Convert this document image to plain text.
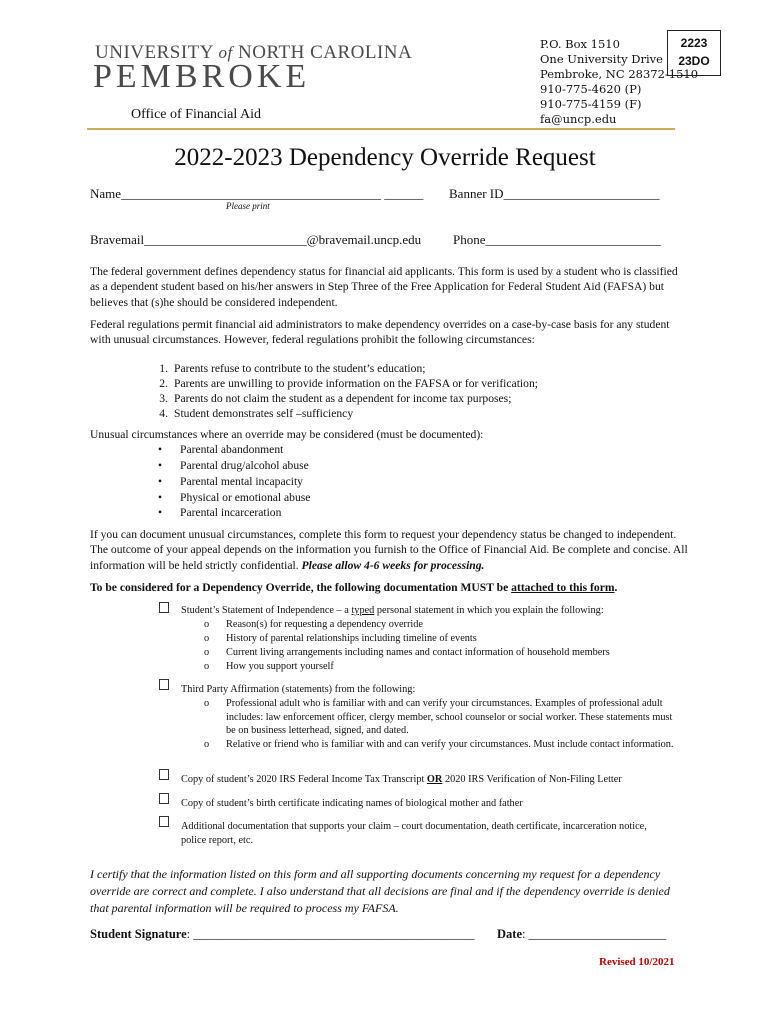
UNIVERSITY of NORTH CAROLINA
PEMBROKE
Office of Financial Aid
P.O. Box 1510
One University Drive
Pembroke, NC 28372-1510
910-775-4620 (P)
910-775-4159 (F)
fa@uncp.edu
2223
23DO
2022-2023 Dependency Override Request
Name________________________________________ ______ Banner ID________________________
Please print
Bravemail_________________________@bravemail.uncp.edu Phone___________________________
The federal government defines dependency status for financial aid applicants. This form is used by a student who is classified as a dependent student based on his/her answers in Step Three of the Free Application for Federal Student Aid (FAFSA) but believes that (s)he should be considered independent.
Federal regulations permit financial aid administrators to make dependency overrides on a case-by-case basis for any student with unusual circumstances. However, federal regulations prohibit the following circumstances:
1. Parents refuse to contribute to the student’s education;
2. Parents are unwilling to provide information on the FAFSA or for verification;
3. Parents do not claim the student as a dependent for income tax purposes;
4. Student demonstrates self –sufficiency
Unusual circumstances where an override may be considered (must be documented):
• Parental abandonment
• Parental drug/alcohol abuse
• Parental mental incapacity
• Physical or emotional abuse
• Parental incarceration
If you can document unusual circumstances, complete this form to request your dependency status be changed to independent. The outcome of your appeal depends on the information you furnish to the Office of Financial Aid. Be complete and concise. All information will be held strictly confidential. Please allow 4-6 weeks for processing.
To be considered for a Dependency Override, the following documentation MUST be attached to this form.
Student’s Statement of Independence – a typed personal statement in which you explain the following:
o Reason(s) for requesting a dependency override
o History of parental relationships including timeline of events
o Current living arrangements including names and contact information of household members
o How you support yourself
Third Party Affirmation (statements) from the following:
o Professional adult who is familiar with and can verify your circumstances. Examples of professional adult includes: law enforcement officer, clergy member, school counselor or social worker. These statements must be on business letterhead, signed, and dated.
o Relative or friend who is familiar with and can verify your circumstances. Must include contact information.
Copy of student’s 2020 IRS Federal Income Tax Transcript OR 2020 IRS Verification of Non-Filing Letter
Copy of student’s birth certificate indicating names of biological mother and father
Additional documentation that supports your claim – court documentation, death certificate, incarceration notice, police report, etc.
I certify that the information listed on this form and all supporting documents concerning my request for a dependency override are correct and complete. I also understand that all decisions are final and if the dependency override is denied that parental information will be required to process my FAFSA.
Student Signature: _____________________________________________ Date: ______________________
Revised 10/2021
